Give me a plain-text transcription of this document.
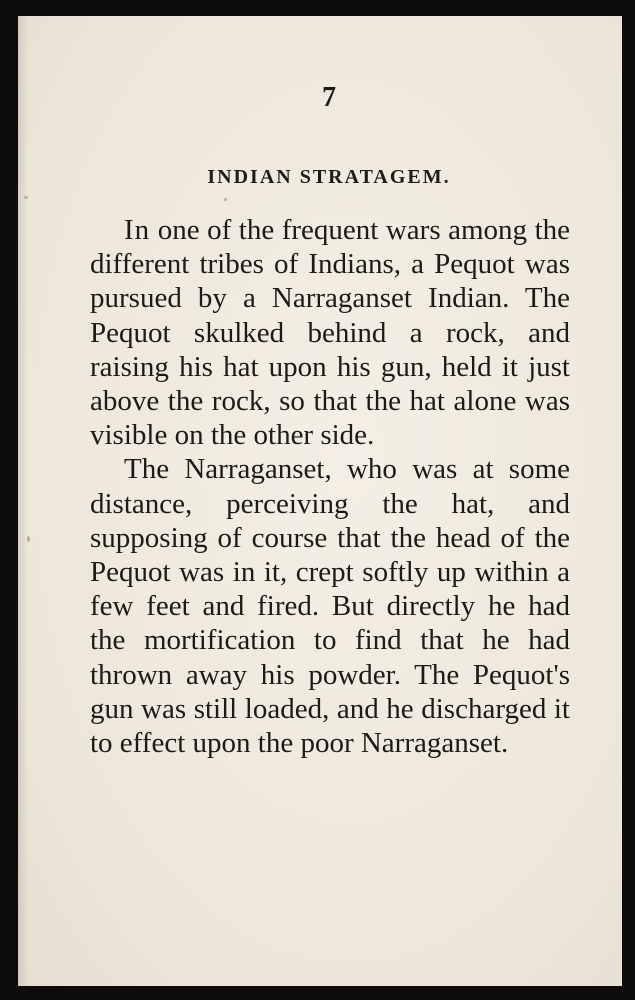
7

INDIAN STRATAGEM.

In one of the frequent wars among the different tribes of Indians, a Pequot was pursued by a Narraganset Indian. The Pequot skulked behind a rock, and raising his hat upon his gun, held it just above the rock, so that the hat alone was visible on the other side.

The Narraganset, who was at some distance, perceiving the hat, and supposing of course that the head of the Pequot was in it, crept softly up within a few feet and fired. But directly he had the mortification to find that he had thrown away his powder. The Pequot's gun was still loaded, and he discharged it to effect upon the poor Narraganset.
